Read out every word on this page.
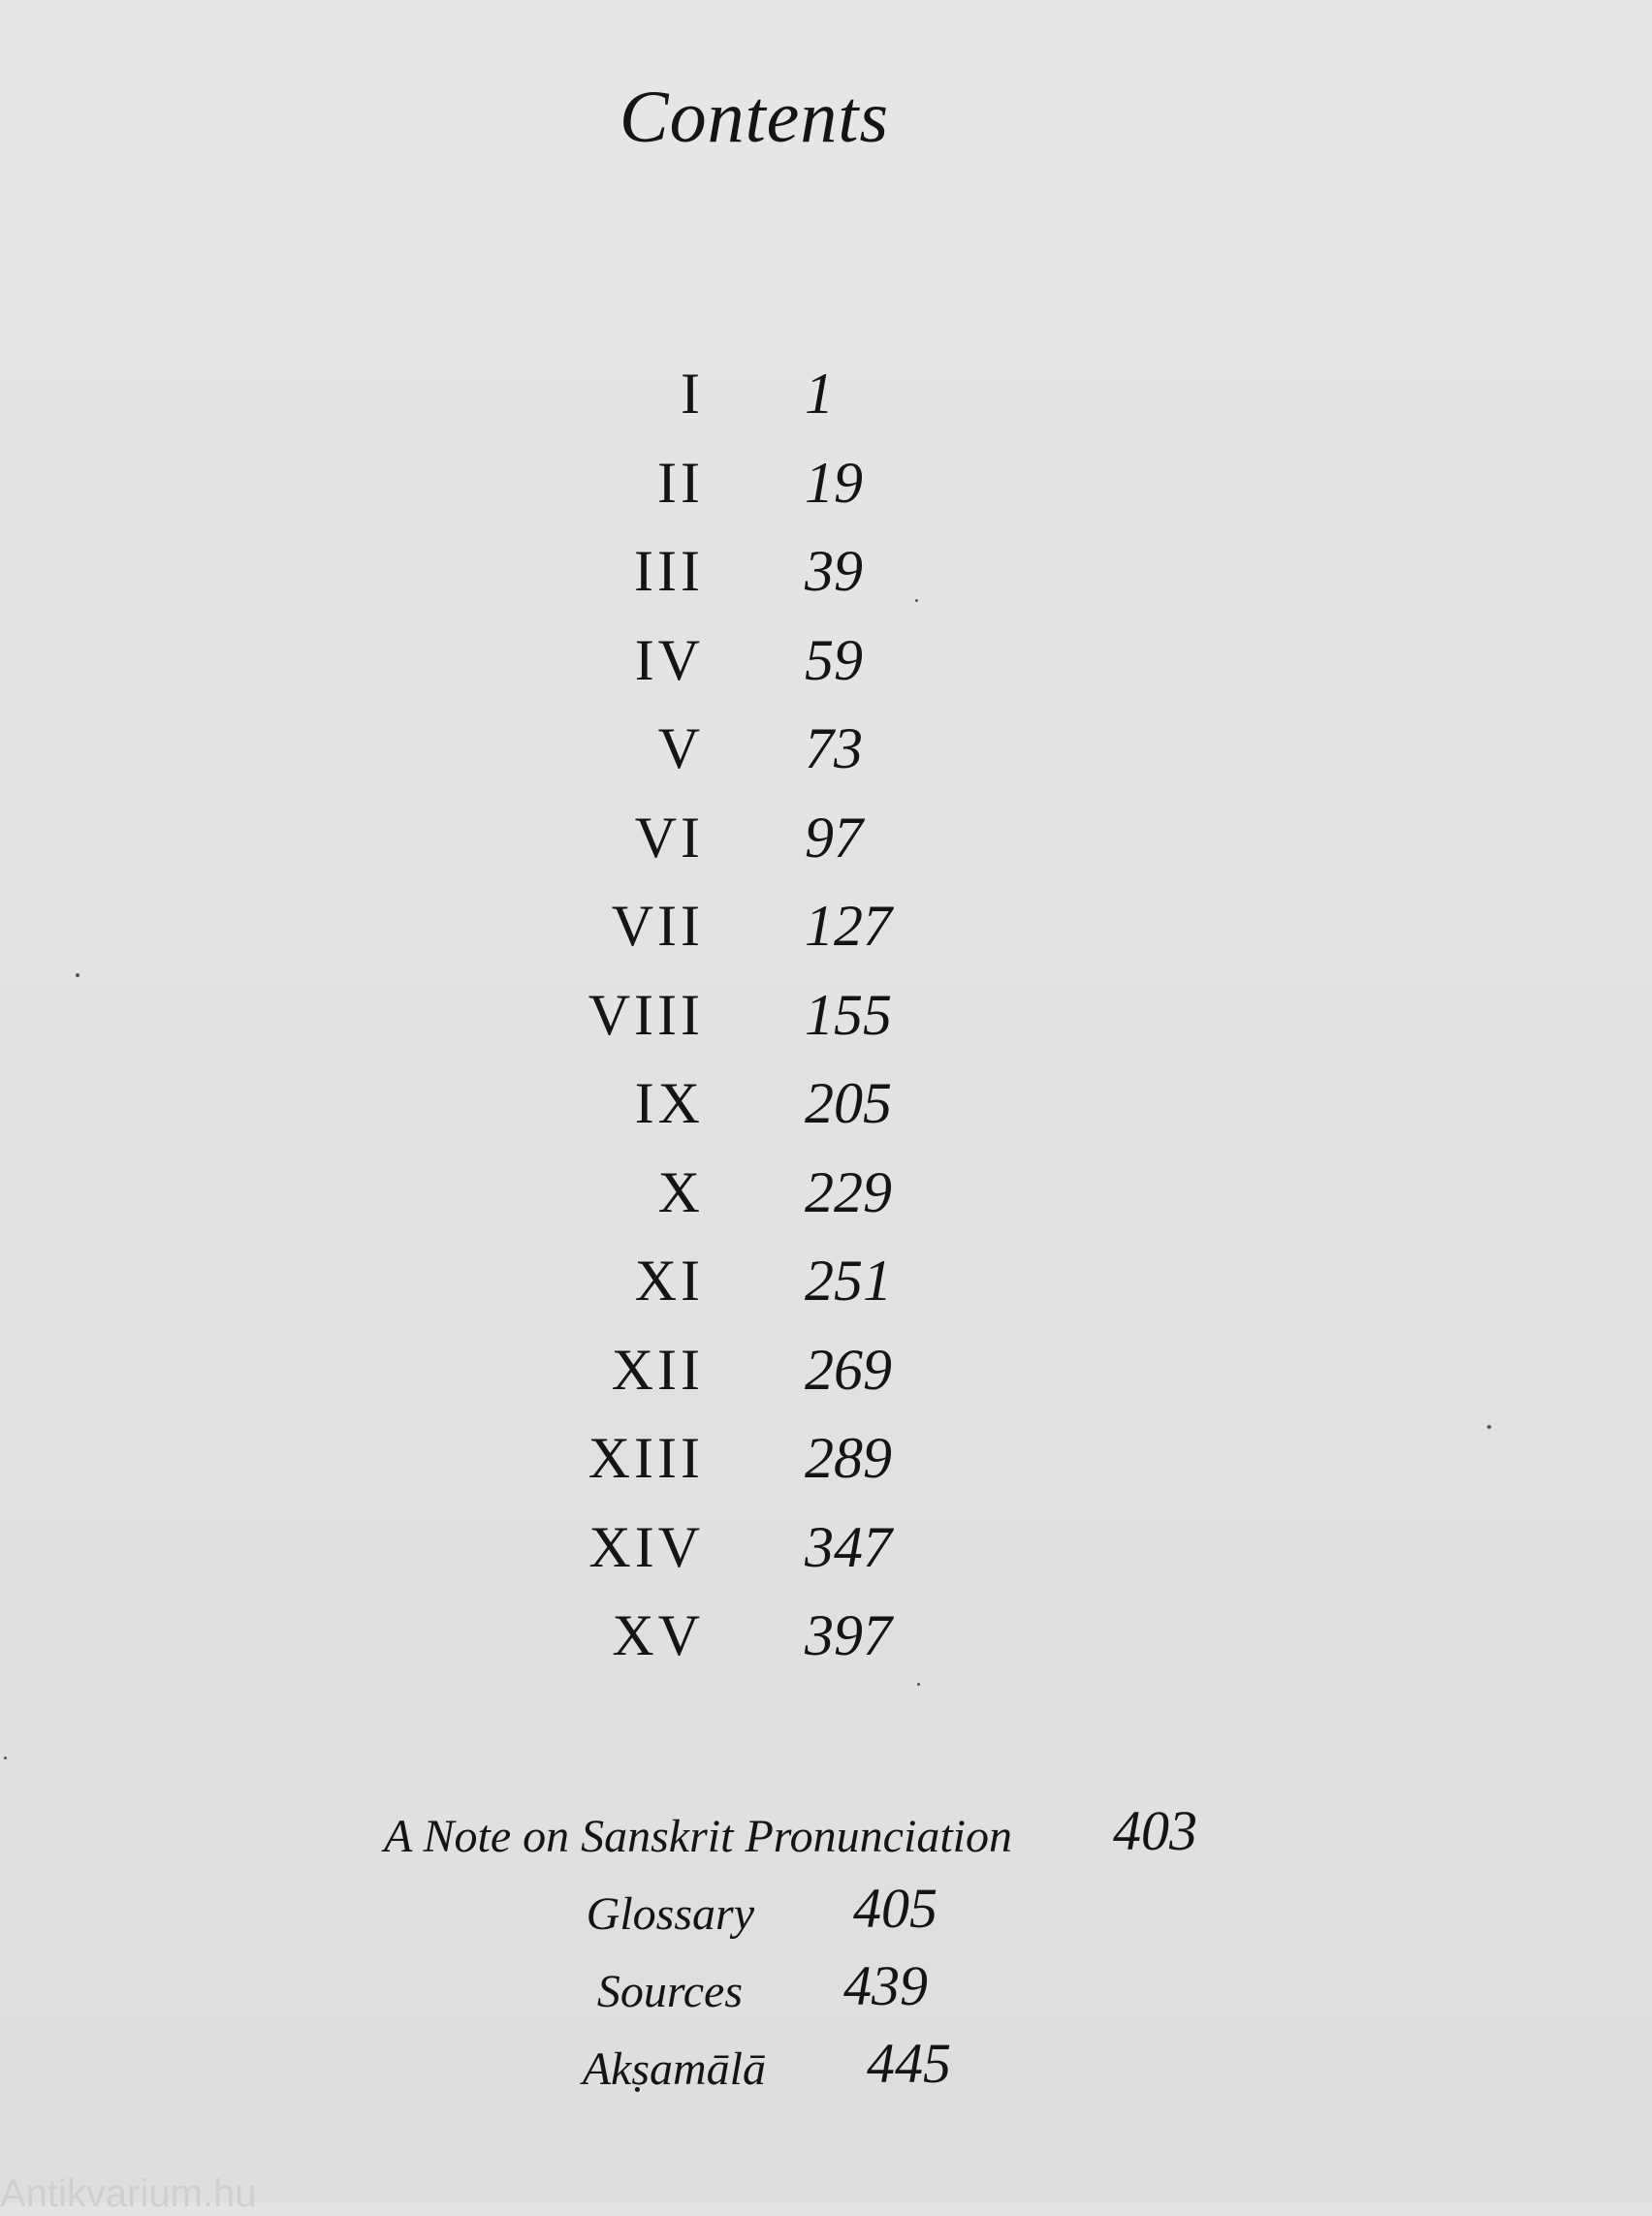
Contents
I 1
II 19
III 39
IV 59
V 73
VI 97
VII 127
VIII 155
IX 205
X 229
XI 251
XII 269
XIII 289
XIV 347
XV 397
A Note on Sanskrit Pronunciation 403
Glossary 405
Sources 439
Akṣamālā 445
Antikvarium.hu
